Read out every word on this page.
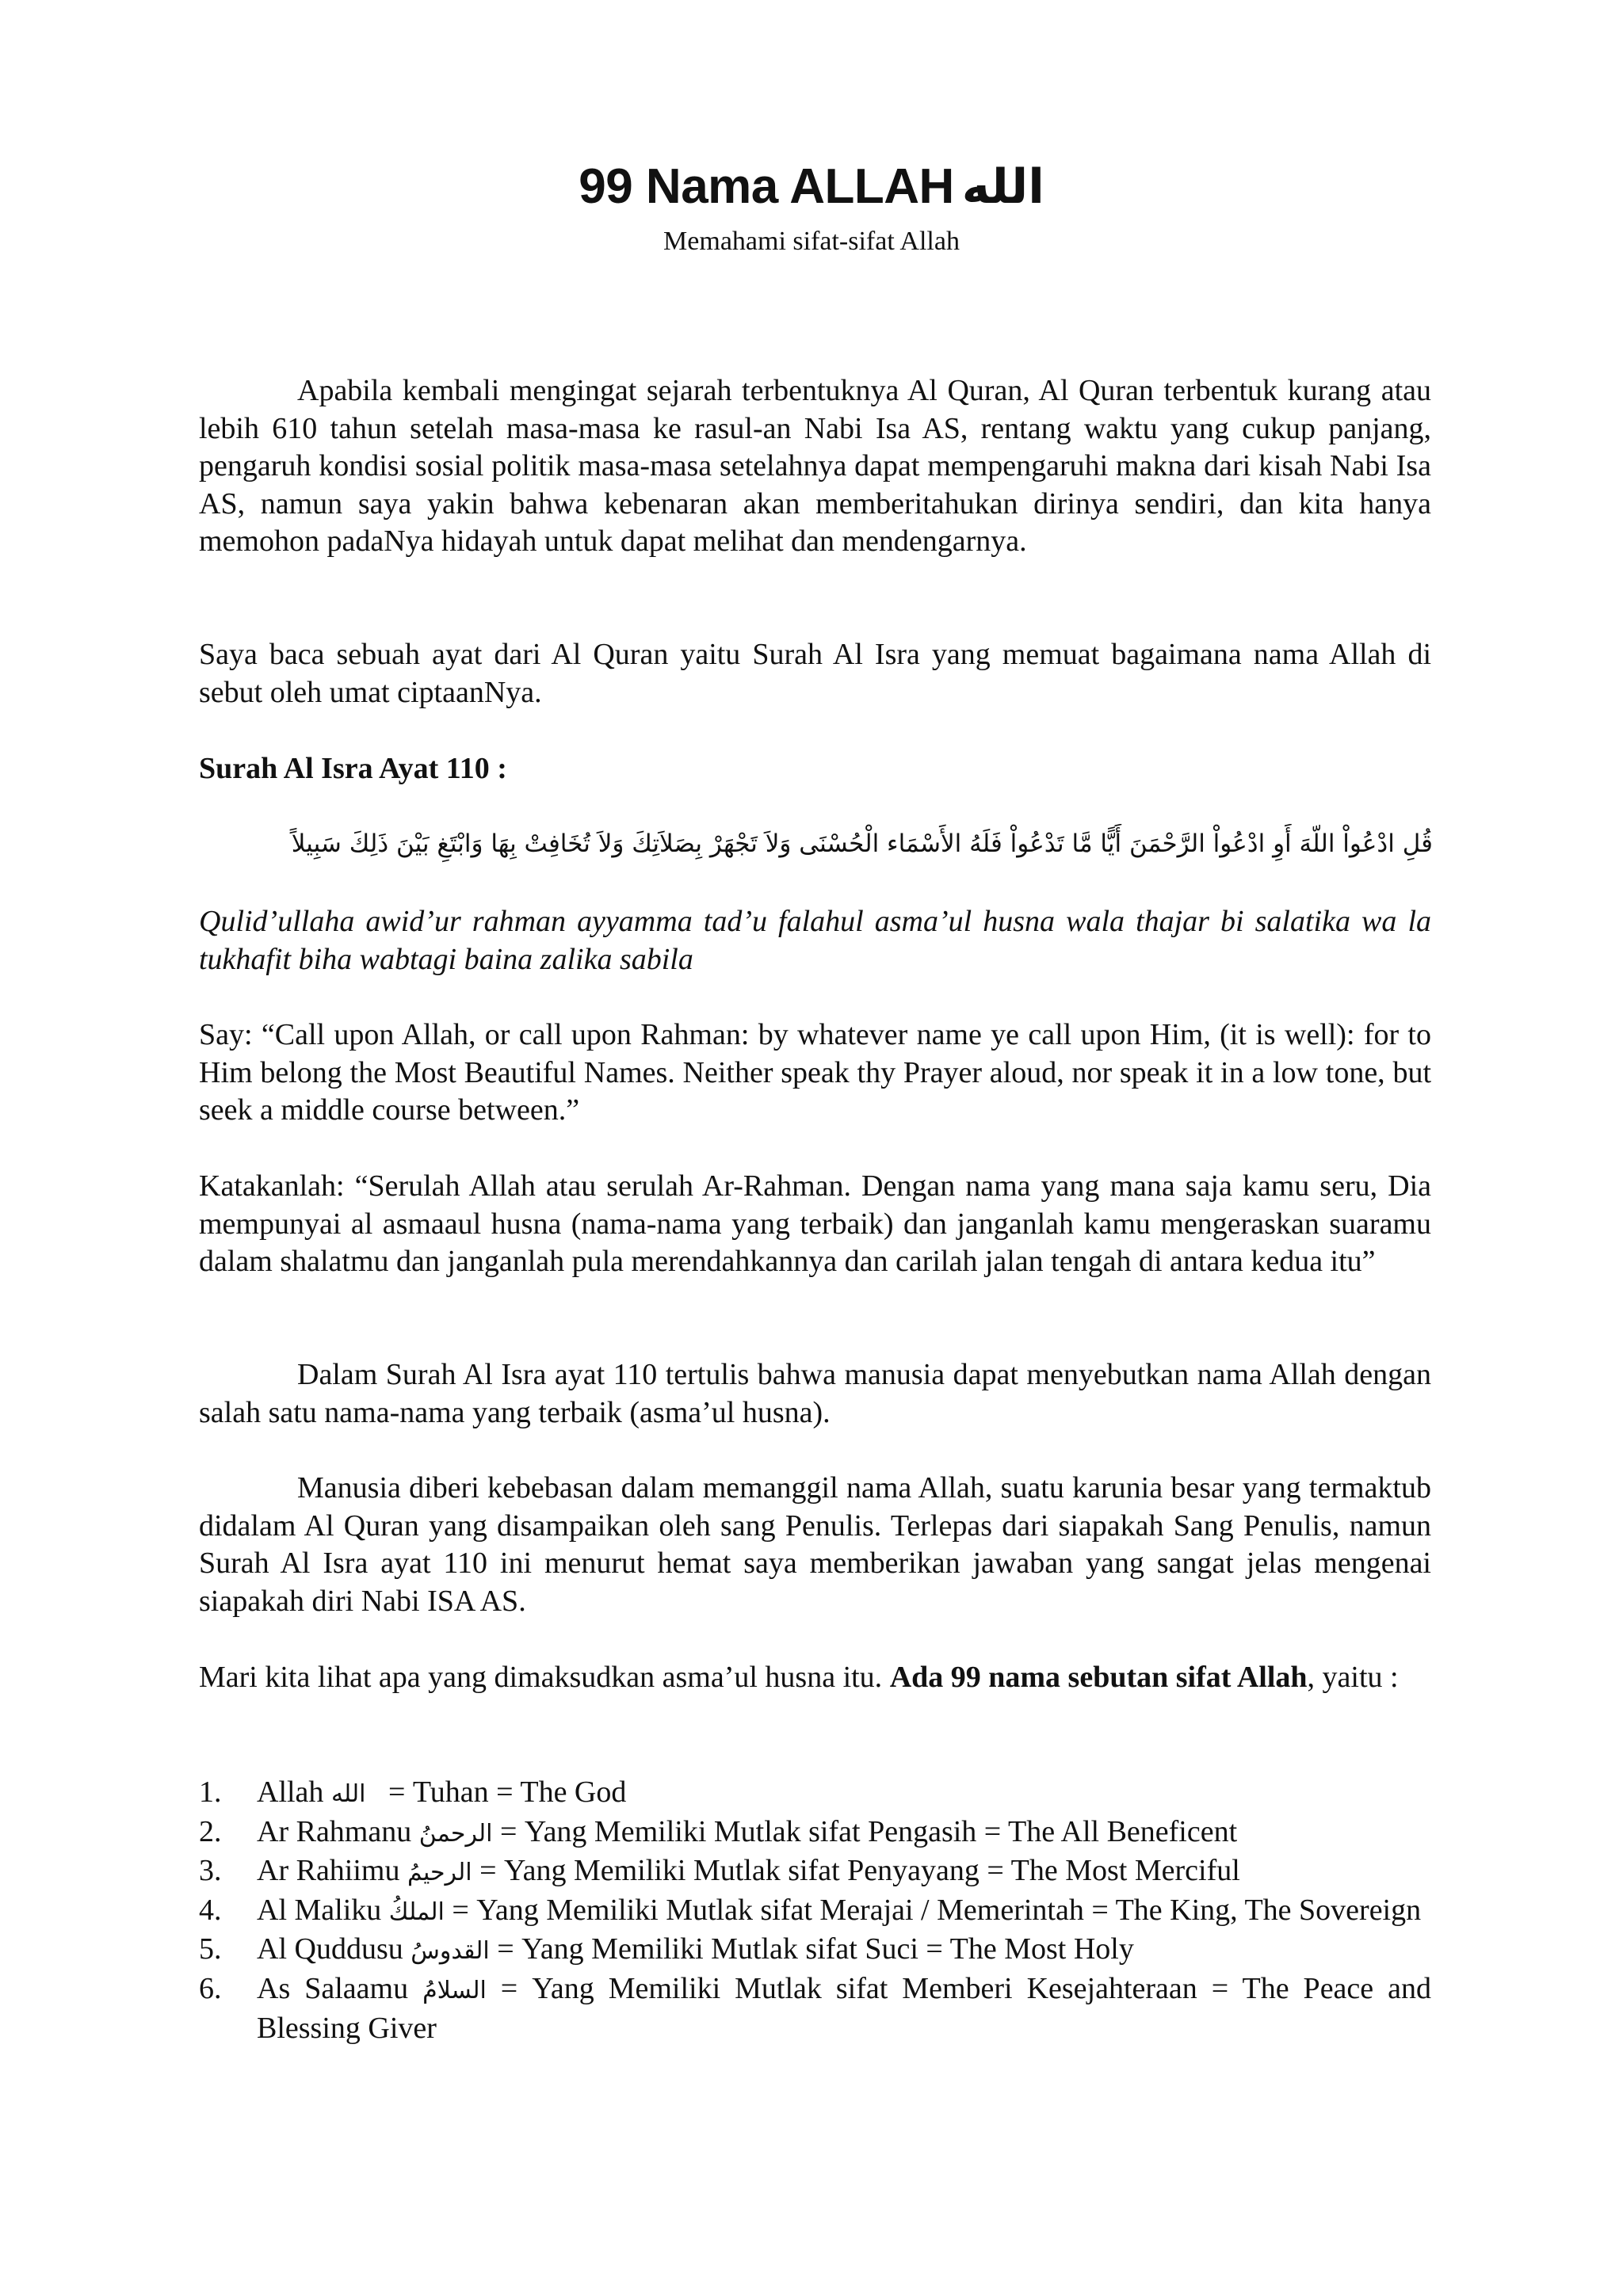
99 Nama ALLAH الله
Memahami sifat-sifat Allah

Apabila kembali mengingat sejarah terbentuknya Al Quran, Al Quran terbentuk kurang atau lebih 610 tahun setelah masa-masa ke rasul-an Nabi Isa AS, rentang waktu yang cukup panjang, pengaruh kondisi sosial politik masa-masa setelahnya dapat mempengaruhi makna dari kisah Nabi Isa AS, namun saya yakin bahwa kebenaran akan memberitahukan dirinya sendiri, dan kita hanya memohon padaNya hidayah untuk dapat melihat dan mendengarnya.

Saya baca sebuah ayat dari Al Quran yaitu Surah Al Isra yang memuat bagaimana nama Allah di sebut oleh umat ciptaanNya.

Surah Al Isra Ayat 110 :

قُلِ ادْعُواْ اللّهَ أَوِ ادْعُواْ الرَّحْمَنَ أَيًّا مَّا تَدْعُواْ فَلَهُ الأَسْمَاء الْحُسْنَى وَلاَ تَجْهَرْ بِصَلاَتِكَ وَلاَ تُخَافِتْ بِهَا وَابْتَغِ بَيْنَ ذَلِكَ سَبِيلاً

Qulid’ullaha awid’ur rahman ayyamma tad’u falahul asma’ul husna wala thajar bi salatika wa la tukhafit biha wabtagi baina zalika sabila

Say: “Call upon Allah, or call upon Rahman: by whatever name ye call upon Him, (it is well): for to Him belong the Most Beautiful Names. Neither speak thy Prayer aloud, nor speak it in a low tone, but seek a middle course between.”

Katakanlah: “Serulah Allah atau serulah Ar-Rahman. Dengan nama yang mana saja kamu seru, Dia mempunyai al asmaaul husna (nama-nama yang terbaik) dan janganlah kamu mengeraskan suaramu dalam shalatmu dan janganlah pula merendahkannya dan carilah jalan tengah di antara kedua itu”

Dalam Surah Al Isra ayat 110 tertulis bahwa manusia dapat menyebutkan nama Allah dengan salah satu nama-nama yang terbaik (asma’ul husna).

Manusia diberi kebebasan dalam memanggil nama Allah, suatu karunia besar yang termaktub didalam Al Quran yang disampaikan oleh sang Penulis. Terlepas dari siapakah Sang Penulis, namun Surah Al Isra ayat 110 ini menurut hemat saya memberikan jawaban yang sangat jelas mengenai siapakah diri Nabi ISA AS.

Mari kita lihat apa yang dimaksudkan asma’ul husna itu. Ada 99 nama sebutan sifat Allah, yaitu :

1. Allah الله   = Tuhan = The God
2. Ar Rahmanu الرحمنُ = Yang Memiliki Mutlak sifat Pengasih = The All Beneficent
3. Ar Rahiimu الرحيمُ = Yang Memiliki Mutlak sifat Penyayang = The Most Merciful
4. Al Maliku الملكُ = Yang Memiliki Mutlak sifat Merajai / Memerintah = The King, The Sovereign
5. Al Quddusu القدوسُ = Yang Memiliki Mutlak sifat Suci = The Most Holy
6. As Salaamu السلامُ = Yang Memiliki Mutlak sifat Memberi Kesejahteraan = The Peace and Blessing Giver
